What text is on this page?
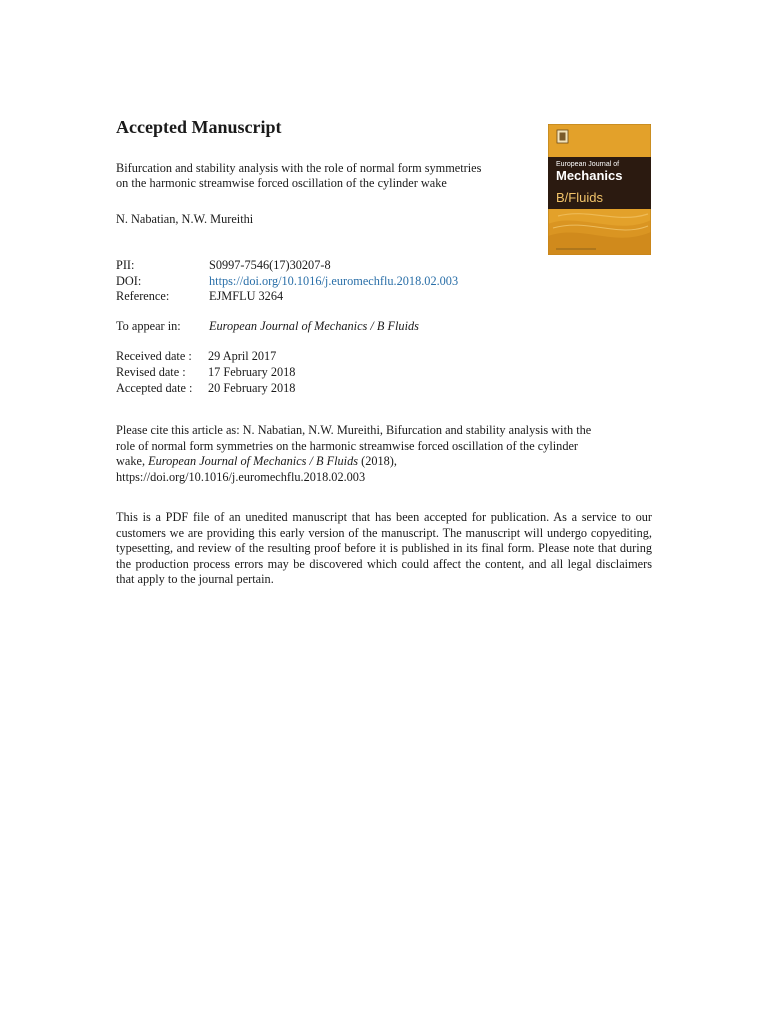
Accepted Manuscript
Bifurcation and stability analysis with the role of normal form symmetries
on the harmonic streamwise forced oscillation of the cylinder wake
N. Nabatian, N.W. Mureithi
PII:	S0997-7546(17)30207-8
DOI:	https://doi.org/10.1016/j.euromechflu.2018.02.003
Reference:	EJMFLU 3264
To appear in: European Journal of Mechanics / B Fluids
Received date : 29 April 2017
Revised date : 17 February 2018
Accepted date : 20 February 2018
Please cite this article as: N. Nabatian, N.W. Mureithi, Bifurcation and stability analysis with the
role of normal form symmetries on the harmonic streamwise forced oscillation of the cylinder
wake, European Journal of Mechanics / B Fluids (2018),
https://doi.org/10.1016/j.euromechflu.2018.02.003
This is a PDF file of an unedited manuscript that has been accepted for publication. As a service to our customers we are providing this early version of the manuscript. The manuscript will undergo copyediting, typesetting, and review of the resulting proof before it is published in its final form. Please note that during the production process errors may be discovered which could affect the content, and all legal disclaimers that apply to the journal pertain.
European Journal of
Mechanics
B/Fluids
